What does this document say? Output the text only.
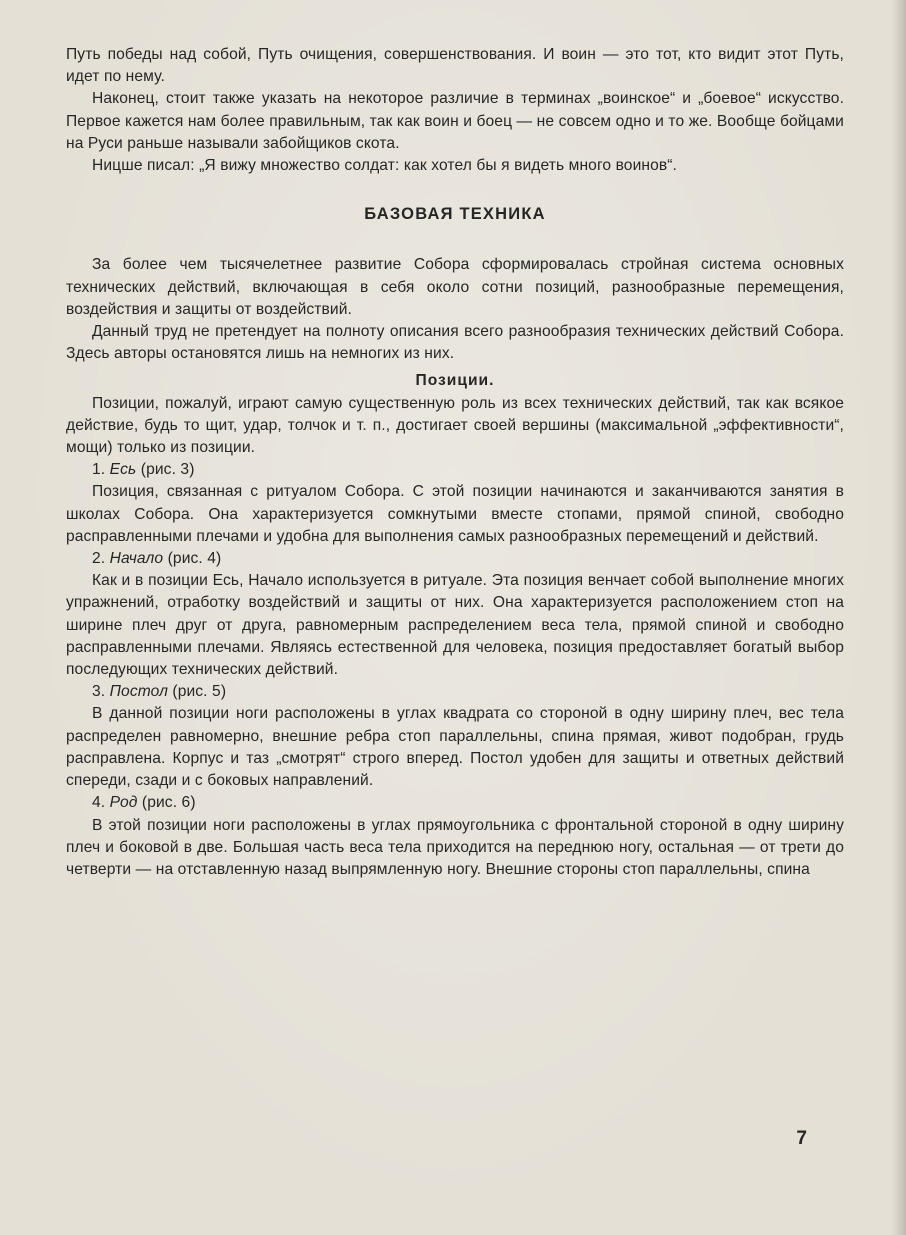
Путь победы над собой, Путь очищения, совершенствования. И воин — это тот, кто видит этот Путь, идет по нему.

Наконец, стоит также указать на некоторое различие в терминах „воинское“ и „боевое“ искусство. Первое кажется нам более правильным, так как воин и боец — не совсем одно и то же. Вообще бойцами на Руси раньше называли забойщиков скота.

Ницше писал: „Я вижу множество солдат: как хотел бы я видеть много воинов“.

БАЗОВАЯ ТЕХНИКА

За более чем тысячелетнее развитие Собора сформировалась стройная система основных технических действий, включающая в себя около сотни позиций, разнообразные перемещения, воздействия и защиты от воздействий.

Данный труд не претендует на полноту описания всего разнообразия технических действий Собора. Здесь авторы остановятся лишь на немногих из них.

Позиции.

Позиции, пожалуй, играют самую существенную роль из всех технических действий, так как всякое действие, будь то щит, удар, толчок и т. п., достигает своей вершины (максимальной „эффективности“, мощи) только из позиции.

1. Есь (рис. 3)

Позиция, связанная с ритуалом Собора. С этой позиции начинаются и заканчиваются занятия в школах Собора. Она характеризуется сомкнутыми вместе стопами, прямой спиной, свободно расправленными плечами и удобна для выполнения самых разнообразных перемещений и действий.

2. Начало (рис. 4)

Как и в позиции Есь, Начало используется в ритуале. Эта позиция венчает собой выполнение многих упражнений, отработку воздействий и защиты от них. Она характеризуется расположением стоп на ширине плеч друг от друга, равномерным распределением веса тела, прямой спиной и свободно расправленными плечами. Являясь естественной для человека, позиция предоставляет богатый выбор последующих технических действий.

3. Постол (рис. 5)

В данной позиции ноги расположены в углах квадрата со стороной в одну ширину плеч, вес тела распределен равномерно, внешние ребра стоп параллельны, спина прямая, живот подобран, грудь расправлена. Корпус и таз „смотрят“ строго вперед. Постол удобен для защиты и ответных действий спереди, сзади и с боковых направлений.

4. Род (рис. 6)

В этой позиции ноги расположены в углах прямоугольника с фронтальной стороной в одну ширину плеч и боковой в две. Большая часть веса тела приходится на переднюю ногу, остальная — от трети до четверти — на отставленную назад выпрямленную ногу. Внешние стороны стоп параллельны, спина

7
